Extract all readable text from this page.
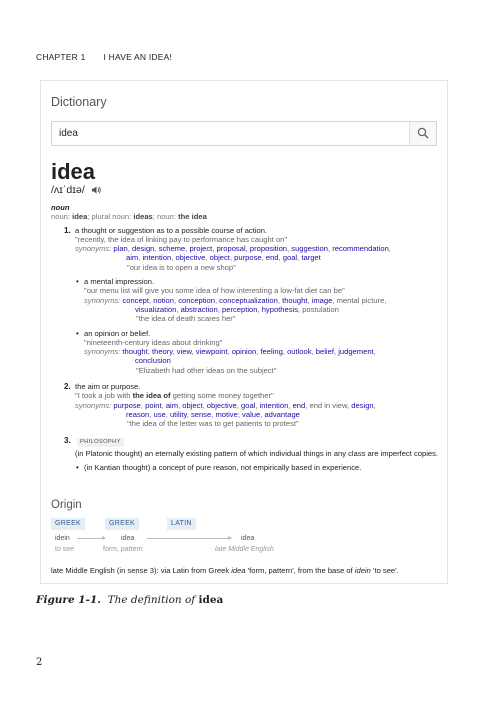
CHAPTER 1 I HAVE AN IDEA!
Dictionary
idea
idea
/ʌɪˈdɪə/
noun
noun: idea; plural noun: ideas; noun: the idea
1. a thought or suggestion as to a possible course of action.
"recently, the idea of linking pay to performance has caught on"
synonyms: plan, design, scheme, project, proposal, proposition, suggestion, recommendation,
aim, intention, objective, object, purpose, end, goal, target
"our idea is to open a new shop"
• a mental impression.
"our menu list will give you some idea of how interesting a low-fat diet can be"
synonyms: concept, notion, conception, conceptualization, thought, image, mental picture,
visualization, abstraction, perception, hypothesis, postulation
"the idea of death scares her"
• an opinion or belief.
"nineteenth-century ideas about drinking"
synonyms: thought, theory, view, viewpoint, opinion, feeling, outlook, belief, judgement,
conclusion
"Elizabeth had other ideas on the subject"
2. the aim or purpose.
"I took a job with the idea of getting some money together"
synonyms: purpose, point, aim, object, objective, goal, intention, end, end in view, design,
reason, use, utility, sense, motive; value, advantage
"the idea of the letter was to get patients to protest"
3.	PHILOSOPHY
(in Platonic thought) an eternally existing pattern of which individual things in any class are imperfect copies.
• (in Kantian thought) a concept of pure reason, not empirically based in experience.
Origin
GREEK	GREEK	LATIN
idein	idea	idea
to see	form, pattern	late Middle English
late Middle English (in sense 3): via Latin from Greek idea 'form, pattern', from the base of idein 'to see'.
Figure 1-1. The definition of idea
2
